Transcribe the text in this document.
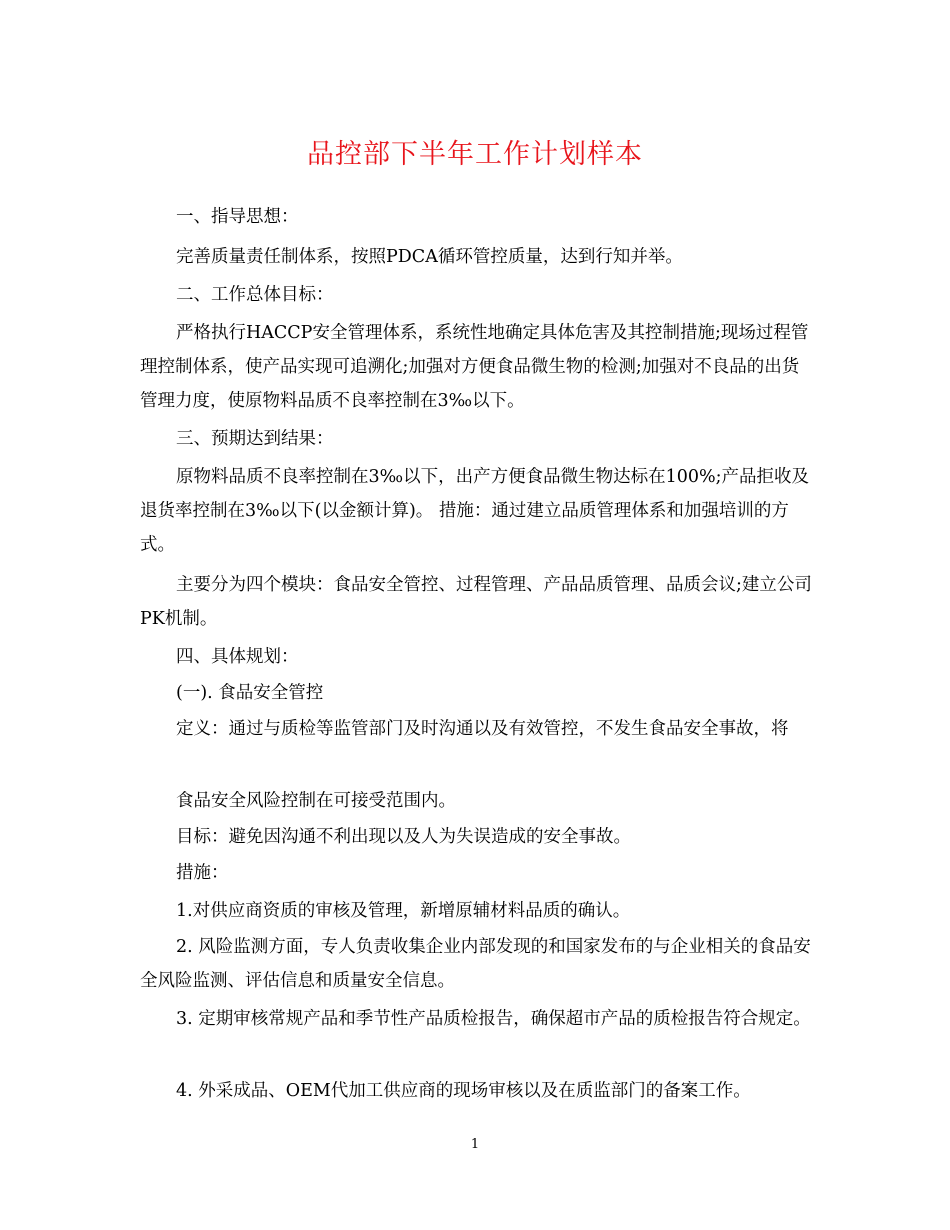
品控部下半年工作计划样本

一、指导思想：

完善质量责任制体系，按照PDCA循环管控质量，达到行知并举。

二、工作总体目标：

严格执行HACCP安全管理体系，系统性地确定具体危害及其控制措施;现场过程管理控制体系，使产品实现可追溯化;加强对方便食品微生物的检测;加强对不良品的出货管理力度，使原物料品质不良率控制在3‰以下。

三、预期达到结果：

原物料品质不良率控制在3‰以下，出产方便食品微生物达标在100%;产品拒收及退货率控制在3‰以下(以金额计算)。 措施：通过建立品质管理体系和加强培训的方式。

主要分为四个模块：食品安全管控、过程管理、产品品质管理、品质会议;建立公司PK机制。

四、具体规划：

(一). 食品安全管控

定义：通过与质检等监管部门及时沟通以及有效管控，不发生食品安全事故，将

食品安全风险控制在可接受范围内。

目标：避免因沟通不利出现以及人为失误造成的安全事故。

措施：

1.对供应商资质的审核及管理，新增原辅材料品质的确认。

2. 风险监测方面，专人负责收集企业内部发现的和国家发布的与企业相关的食品安全风险监测、评估信息和质量安全信息。

3. 定期审核常规产品和季节性产品质检报告，确保超市产品的质检报告符合规定。

4. 外采成品、OEM代加工供应商的现场审核以及在质监部门的备案工作。

1
